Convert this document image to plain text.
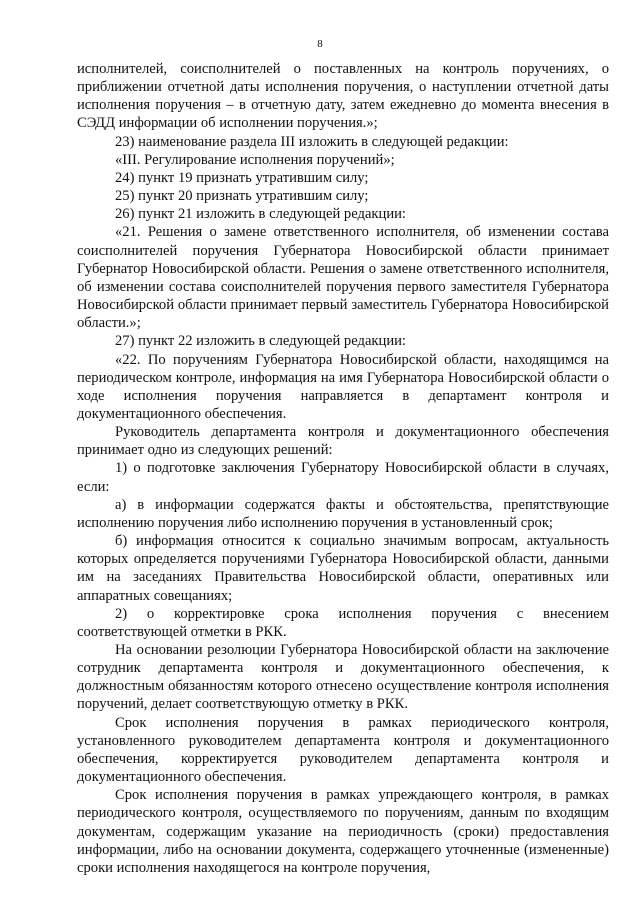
8

исполнителей, соисполнителей о поставленных на контроль поручениях, о приближении отчетной даты исполнения поручения, о наступлении отчетной даты исполнения поручения – в отчетную дату, затем ежедневно до момента внесения в СЭДД информации об исполнении поручения.»;

23) наименование раздела III изложить в следующей редакции:

«III. Регулирование исполнения поручений»;

24) пункт 19 признать утратившим силу;

25) пункт 20 признать утратившим силу;

26) пункт 21 изложить в следующей редакции:

«21. Решения о замене ответственного исполнителя, об изменении состава соисполнителей поручения Губернатора Новосибирской области принимает Губернатор Новосибирской области. Решения о замене ответственного исполнителя, об изменении состава соисполнителей поручения первого заместителя Губернатора Новосибирской области принимает первый заместитель Губернатора Новосибирской области.»;

27) пункт 22 изложить в следующей редакции:

«22. По поручениям Губернатора Новосибирской области, находящимся на периодическом контроле, информация на имя Губернатора Новосибирской области о ходе исполнения поручения направляется в департамент контроля и документационного обеспечения.

Руководитель департамента контроля и документационного обеспечения принимает одно из следующих решений:

1) о подготовке заключения Губернатору Новосибирской области в случаях, если:

а) в информации содержатся факты и обстоятельства, препятствующие исполнению поручения либо исполнению поручения в установленный срок;

б) информация относится к социально значимым вопросам, актуальность которых определяется поручениями Губернатора Новосибирской области, данными им на заседаниях Правительства Новосибирской области, оперативных или аппаратных совещаниях;

2) о корректировке срока исполнения поручения с внесением соответствующей отметки в РКК.

На основании резолюции Губернатора Новосибирской области на заключение сотрудник департамента контроля и документационного обеспечения, к должностным обязанностям которого отнесено осуществление контроля исполнения поручений, делает соответствующую отметку в РКК.

Срок исполнения поручения в рамках периодического контроля, установленного руководителем департамента контроля и документационного обеспечения, корректируется руководителем департамента контроля и документационного обеспечения.

Срок исполнения поручения в рамках упреждающего контроля, в рамках периодического контроля, осуществляемого по поручениям, данным по входящим документам, содержащим указание на периодичность (сроки) предоставления информации, либо на основании документа, содержащего уточненные (измененные) сроки исполнения находящегося на контроле поручения,
